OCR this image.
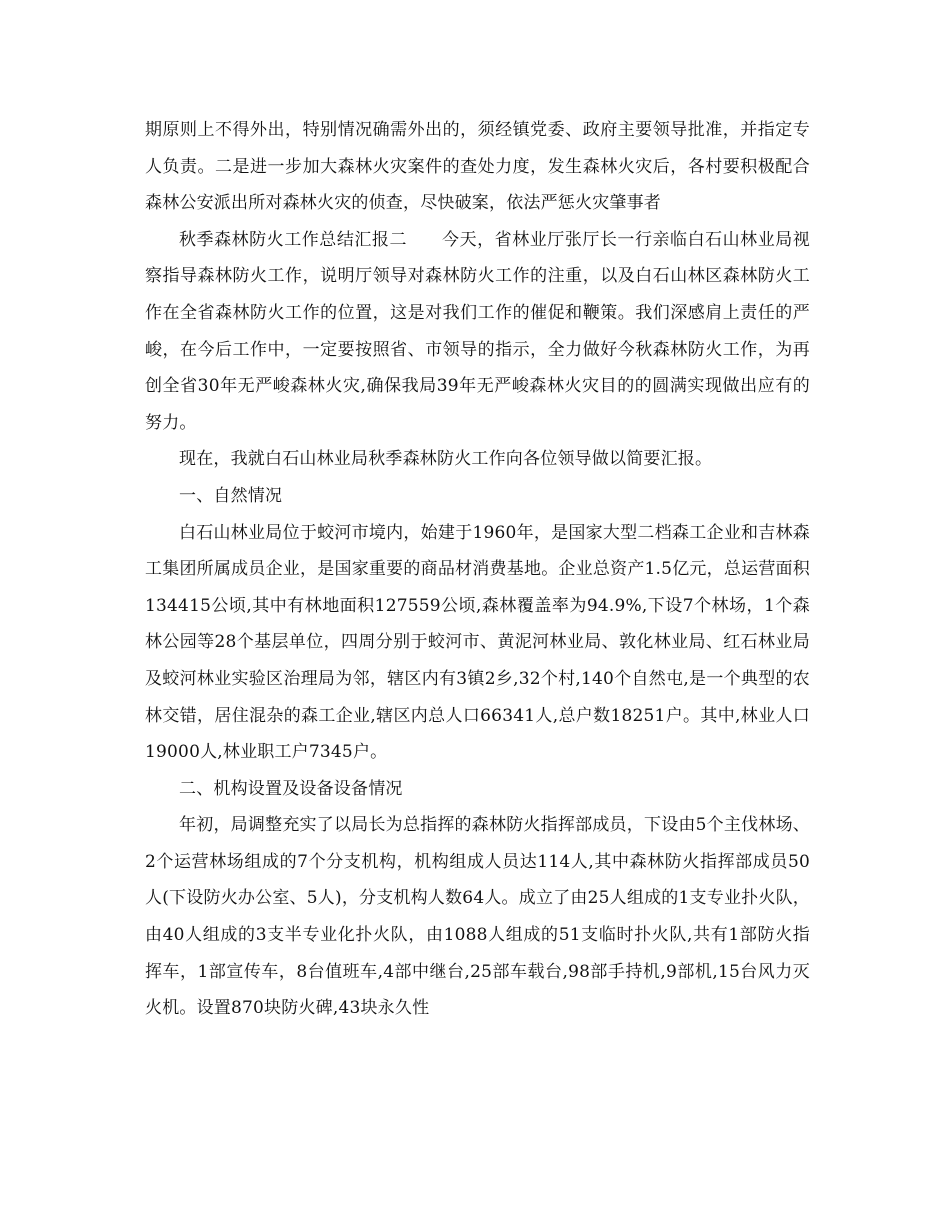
期原则上不得外出，特别情况确需外出的，须经镇党委、政府主要领导批准，并指定专人负责。二是进一步加大森林火灾案件的查处力度，发生森林火灾后，各村要积极配合森林公安派出所对森林火灾的侦查，尽快破案，依法严惩火灾肇事者

秋季森林防火工作总结汇报二　　今天，省林业厅张厅长一行亲临白石山林业局视察指导森林防火工作，说明厅领导对森林防火工作的注重，以及白石山林区森林防火工作在全省森林防火工作的位置，这是对我们工作的催促和鞭策。我们深感肩上责任的严峻，在今后工作中，一定要按照省、市领导的指示，全力做好今秋森林防火工作，为再创全省30年无严峻森林火灾,确保我局39年无严峻森林火灾目的的圆满实现做出应有的努力。

现在，我就白石山林业局秋季森林防火工作向各位领导做以简要汇报。

一、自然情况

白石山林业局位于蛟河市境内，始建于1960年，是国家大型二档森工企业和吉林森工集团所属成员企业，是国家重要的商品材消费基地。企业总资产1.5亿元，总运营面积134415公顷,其中有林地面积127559公顷,森林覆盖率为94.9%,下设7个林场，1个森林公园等28个基层单位，四周分别于蛟河市、黄泥河林业局、敦化林业局、红石林业局及蛟河林业实验区治理局为邻，辖区内有3镇2乡,32个村,140个自然屯,是一个典型的农林交错，居住混杂的森工企业,辖区内总人口66341人,总户数18251户。其中,林业人口19000人,林业职工户7345户。

二、机构设置及设备设备情况

年初，局调整充实了以局长为总指挥的森林防火指挥部成员，下设由5个主伐林场、2个运营林场组成的7个分支机构，机构组成人员达114人,其中森林防火指挥部成员50人(下设防火办公室、5人)，分支机构人数64人。成立了由25人组成的1支专业扑火队，由40人组成的3支半专业化扑火队，由1088人组成的51支临时扑火队,共有1部防火指挥车，1部宣传车，8台值班车,4部中继台,25部车载台,98部手持机,9部机,15台风力灭火机。设置870块防火碑,43块永久性
